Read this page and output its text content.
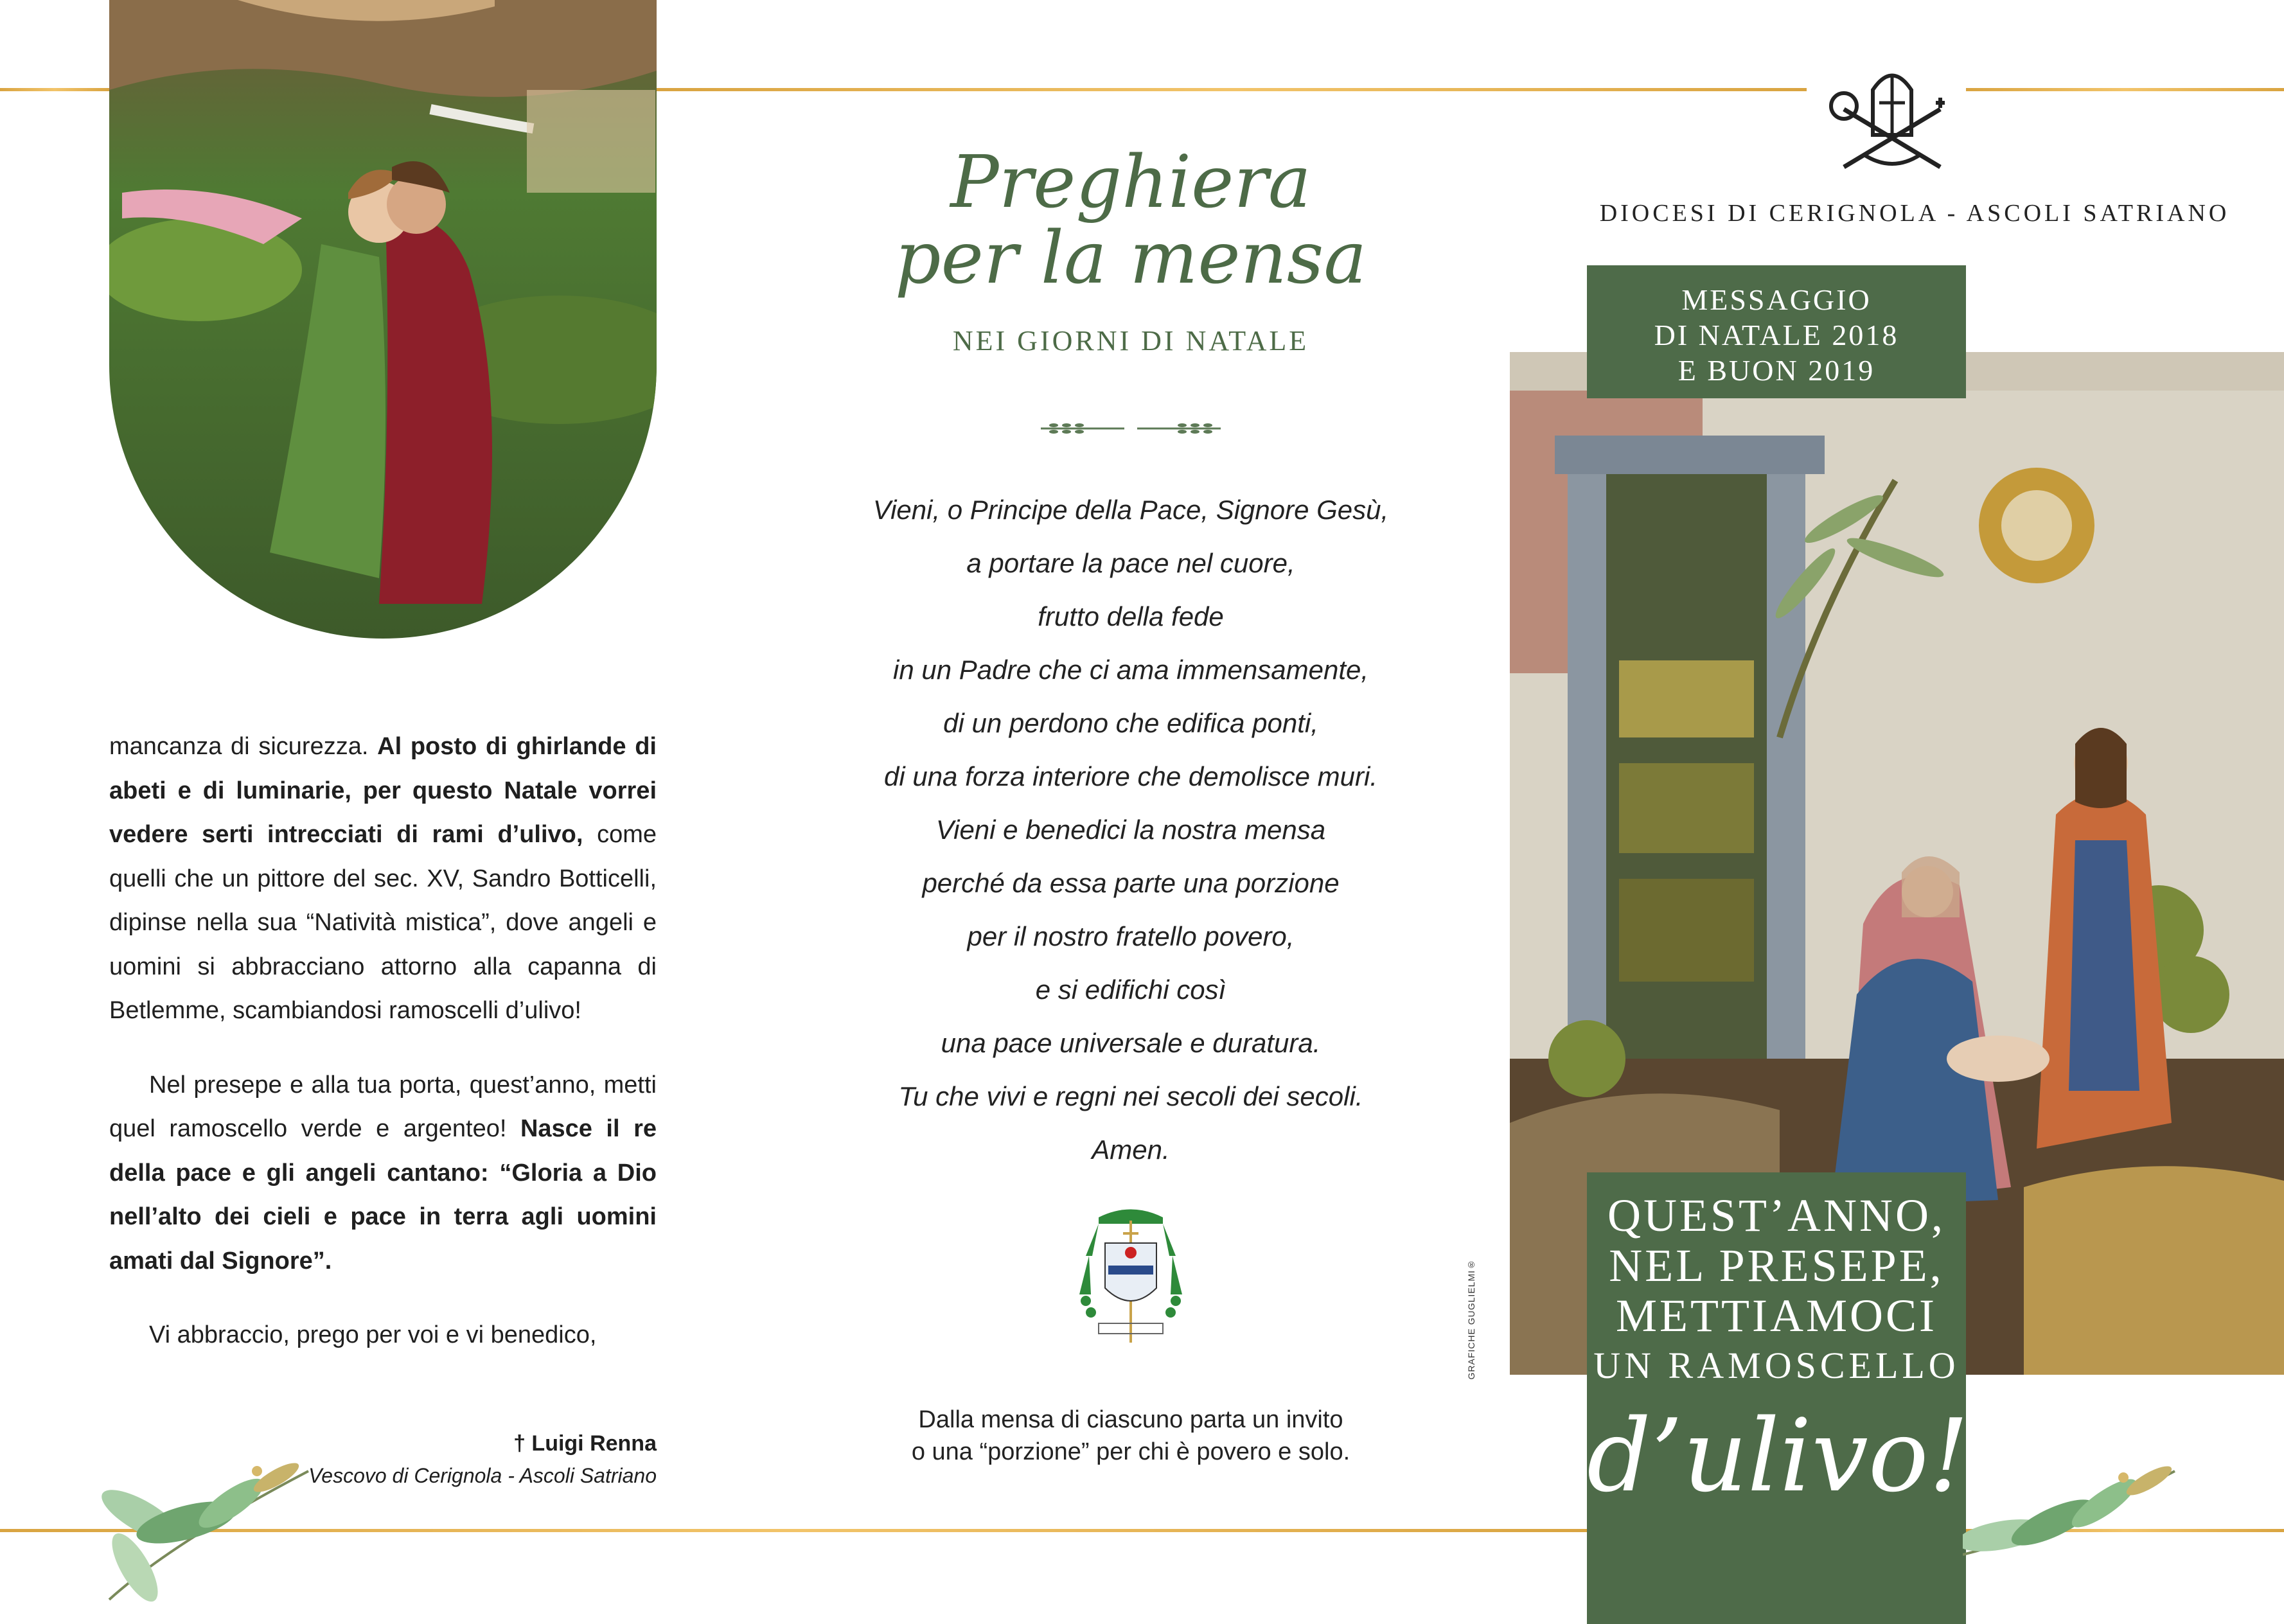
mancanza di sicurezza. Al posto di ghirlande di abeti e di luminarie, per questo Natale vorrei vedere serti intrecciati di rami d’ulivo, come quelli che un pittore del sec. XV, Sandro Botticelli, dipinse nella sua “Natività mistica”, dove angeli e uomini si abbracciano attorno alla capanna di Betlemme, scambiandosi ramoscelli d’ulivo!

Nel presepe e alla tua porta, quest’anno, metti quel ramoscello verde e argenteo! Nasce il re della pace e gli angeli cantano: “Gloria a Dio nell’alto dei cieli e pace in terra agli uomini amati dal Signore”.

Vi abbraccio, prego per voi e vi benedico,

† Luigi Renna
Vescovo di Cerignola - Ascoli Satriano
Preghiera
per la mensa
NEI GIORNI DI NATALE
Vieni, o Principe della Pace, Signore Gesù,
a portare la pace nel cuore,
frutto della fede
in un Padre che ci ama immensamente,
di un perdono che edifica ponti,
di una forza interiore che demolisce muri.
Vieni e benedici la nostra mensa
perché da essa parte una porzione
per il nostro fratello povero,
e si edifichi così
una pace universale e duratura.
Tu che vivi e regni nei secoli dei secoli.
Amen.
Dalla mensa di ciascuno parta un invito
o una “porzione” per chi è povero e solo.
GRAFICHE GUGLIELMI®
DIOCESI DI CERIGNOLA - ASCOLI SATRIANO
MESSAGGIO
DI NATALE 2018
E BUON 2019
QUEST’ANNO,
NEL PRESEPE,
METTIAMOCI
UN RAMOSCELLO
d’ulivo!
